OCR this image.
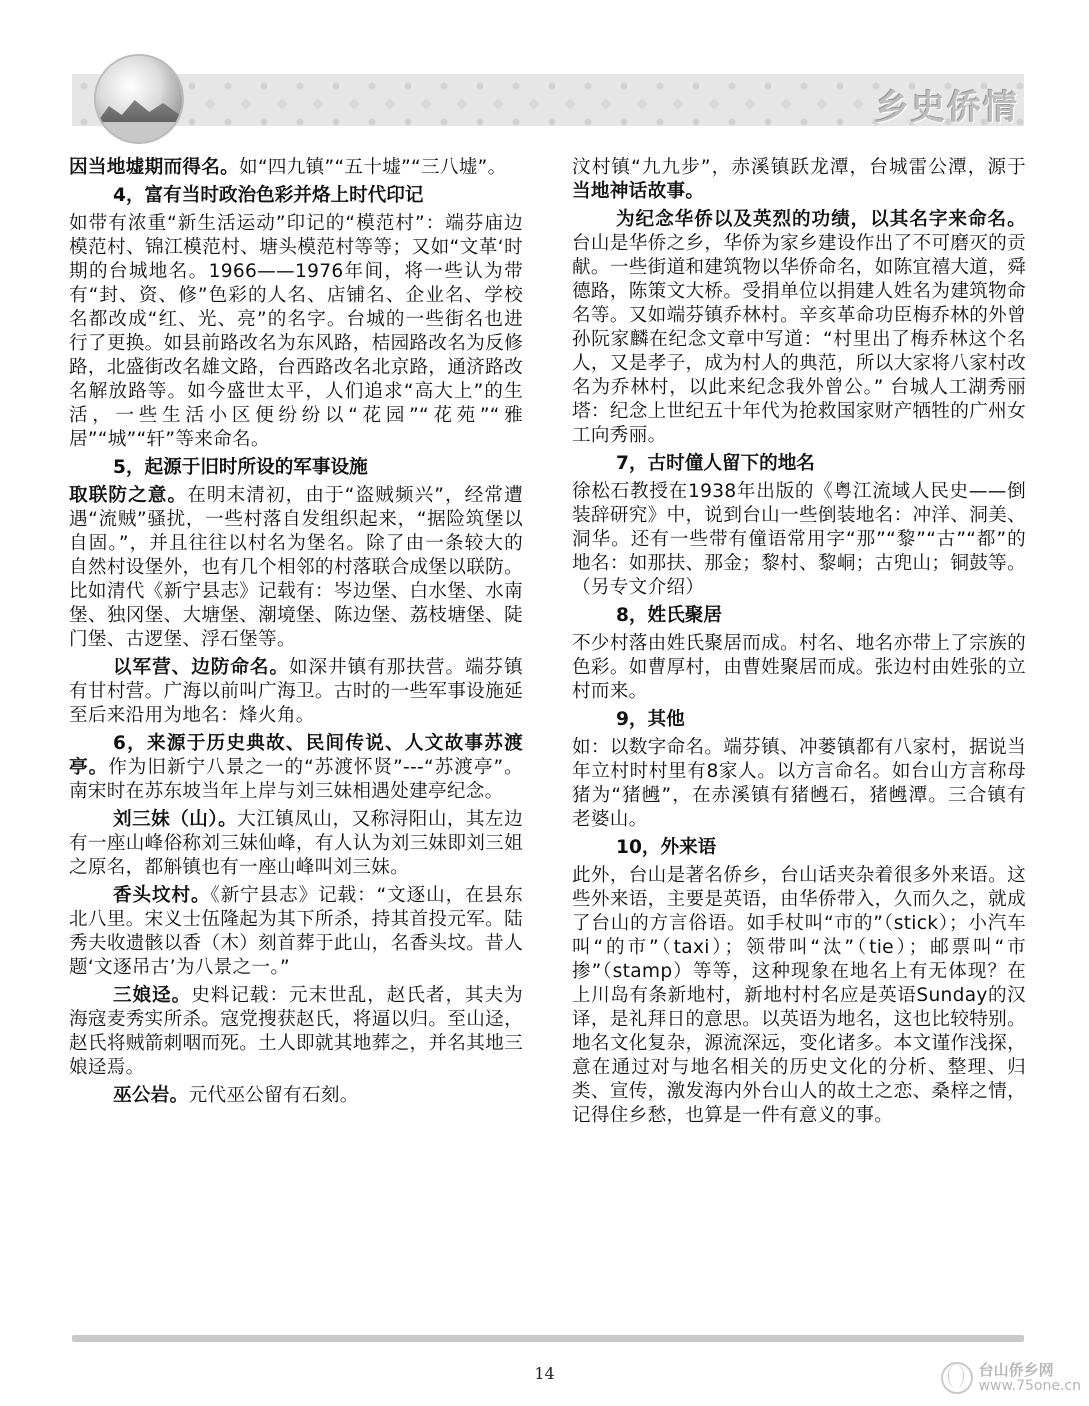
乡史侨情

因当地墟期而得名。如“四九镇”“五十墟”“三八墟”。

4，富有当时政治色彩并烙上时代印记

如带有浓重“新生活运动”印记的“模范村”：端芬庙边模范村、锦江模范村、塘头模范村等等；又如“文革‘时期的台城地名。1966——1976年间，将一些认为带有“封、资、修”色彩的人名、店铺名、企业名、学校名都改成“红、光、亮”的名字。台城的一些街名也进行了更换。如县前路改名为东风路，桔园路改名为反修路，北盛街改名雄文路，台西路改名北京路，通济路改名解放路等。如今盛世太平，人们追求“高大上”的生活，一些生活小区便纷纷以“花园”“花苑”“雅居”“城”“轩”等来命名。

5，起源于旧时所设的军事设施

取联防之意。在明末清初，由于“盗贼频兴”，经常遭遇“流贼”骚扰，一些村落自发组织起来，“据险筑堡以自固。”，并且往往以村名为堡名。除了由一条较大的自然村设堡外，也有几个相邻的村落联合成堡以联防。比如清代《新宁县志》记载有：岑边堡、白水堡、水南堡、独冈堡、大塘堡、潮境堡、陈边堡、荔枝塘堡、陡门堡、古逻堡、浮石堡等。

以军营、边防命名。如深井镇有那扶营。端芬镇有甘村营。广海以前叫广海卫。古时的一些军事设施延至后来沿用为地名：烽火角。

6，来源于历史典故、民间传说、人文故事苏渡亭。作为旧新宁八景之一的“苏渡怀贤”---“苏渡亭”。南宋时在苏东坡当年上岸与刘三妹相遇处建亭纪念。

刘三妹（山）。大江镇凤山，又称浔阳山，其左边有一座山峰俗称刘三妹仙峰，有人认为刘三妹即刘三姐之原名，都斛镇也有一座山峰叫刘三妹。

香头坟村。《新宁县志》记载：“文逐山，在县东北八里。宋义士伍隆起为其下所杀，持其首投元军。陆秀夫收遗骸以香（木）刻首葬于此山，名香头坟。昔人题‘文逐吊古’为八景之一。”

三娘迳。史料记载：元末世乱，赵氏者，其夫为海寇麦秀实所杀。寇党搜获赵氏，将逼以归。至山迳，赵氏将贼箭刺咽而死。土人即就其地葬之，并名其地三娘迳焉。

巫公岩。元代巫公留有石刻。

汶村镇“九九步”，赤溪镇跃龙潭，台城雷公潭，源于当地神话故事。

为纪念华侨以及英烈的功绩，以其名字来命名。台山是华侨之乡，华侨为家乡建设作出了不可磨灭的贡献。一些街道和建筑物以华侨命名，如陈宜禧大道，舜德路，陈策文大桥。受捐单位以捐建人姓名为建筑物命名等。又如端芬镇乔林村。辛亥革命功臣梅乔林的外曾孙阮家麟在纪念文章中写道：“村里出了梅乔林这个名人，又是孝子，成为村人的典范，所以大家将八家村改名为乔林村，以此来纪念我外曾公。” 台城人工湖秀丽塔：纪念上世纪五十年代为抢救国家财产牺牲的广州女工向秀丽。

7，古时僮人留下的地名

徐松石教授在1938年出版的《粤江流域人民史——倒装辞研究》中，说到台山一些倒装地名：冲洋、洞美、洞华。还有一些带有僮语常用字“那”“黎”“古”“都”的地名：如那扶、那金；黎村、黎峒；古兜山；铜鼓等。（另专文介绍）

8，姓氏聚居

不少村落由姓氏聚居而成。村名、地名亦带上了宗族的色彩。如曹厚村，由曹姓聚居而成。张边村由姓张的立村而来。

9，其他

如：以数字命名。端芬镇、冲蒌镇都有八家村，据说当年立村时村里有8家人。以方言命名。如台山方言称母猪为“猪乸”，在赤溪镇有猪乸石，猪乸潭。三合镇有老婆山。

10，外来语

此外，台山是著名侨乡，台山话夹杂着很多外来语。这些外来语，主要是英语，由华侨带入，久而久之，就成了台山的方言俗语。如手杖叫“市的”（stick）；小汽车叫“的市”（taxi）；领带叫“汰”（tie）；邮票叫“市掺”（stamp）等等，这种现象在地名上有无体现？在上川岛有条新地村，新地村村名应是英语Sunday的汉译，是礼拜日的意思。以英语为地名，这也比较特别。地名文化复杂，源流深远，变化诸多。本文谨作浅探，意在通过对与地名相关的历史文化的分析、整理、归类、宣传，激发海内外台山人的故土之恋、桑梓之情，记得住乡愁，也算是一件有意义的事。

14	台山侨乡网
www.75one.cn
